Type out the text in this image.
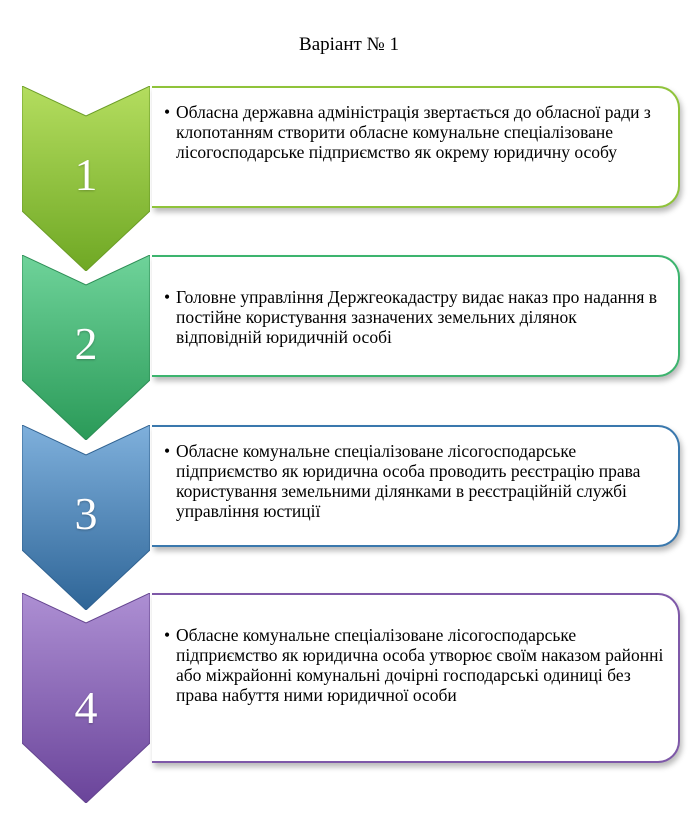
Варіант № 1
1
• Обласна державна адміністрація звертається до обласної ради з клопотанням створити обласне комунальне спеціалізоване лісогосподарське підприємство як окрему юридичну особу
2
• Головне управління Держгеокадастру видає наказ про надання в постійне користування зазначених земельних ділянок відповідній юридичній особі
3
• Обласне комунальне спеціалізоване лісогосподарське підприємство як юридична особа проводить реєстрацію права користування земельними ділянками в реєстраційній службі управління юстиції
4
• Обласне комунальне спеціалізоване лісогосподарське підприємство як юридична особа утворює своїм наказом районні або міжрайонні комунальні дочірні господарські одиниці без права набуття ними юридичної особи
